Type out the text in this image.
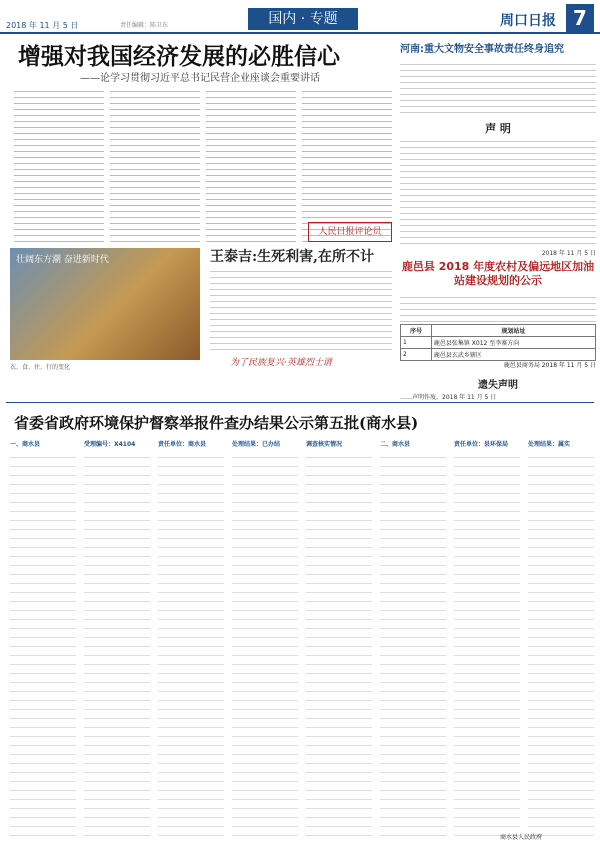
2018 年 11 月 5 日	责任编辑：陈卫东	国内 · 专题	周口日报 7
增强对我国经济发展的必胜信心
——论学习贯彻习近平总书记民营企业座谈会重要讲话
人民日报评论员
壮阔东方潮 奋进新时代
衣、食、住、行的变化
王泰吉:生死利害,在所不计
为了民族复兴·英雄烈士谱
河南:重大文物安全事故责任终身追究
声 明
2018 年 11 月 5 日
鹿邑县 2018 年度农村及偏远地区加油站建设规划的公示
序号	规划站址
1	鹿邑县张集镇 X012 至李寨方向
2	鹿邑县玄武乡辖区
鹿邑县商务局 2018 年 11 月 5 日
遗失声明
……声明作废。2018 年 11 月 5 日
省委省政府环境保护督察举报件查办结果公示第五批(商水县)
一、商水县	受理编号：X4104	责任单位：商水县	处理结果：已办结	调查核实情况	二、商水县	责任单位：县环保局	处理结果：属实
商水县人民政府
